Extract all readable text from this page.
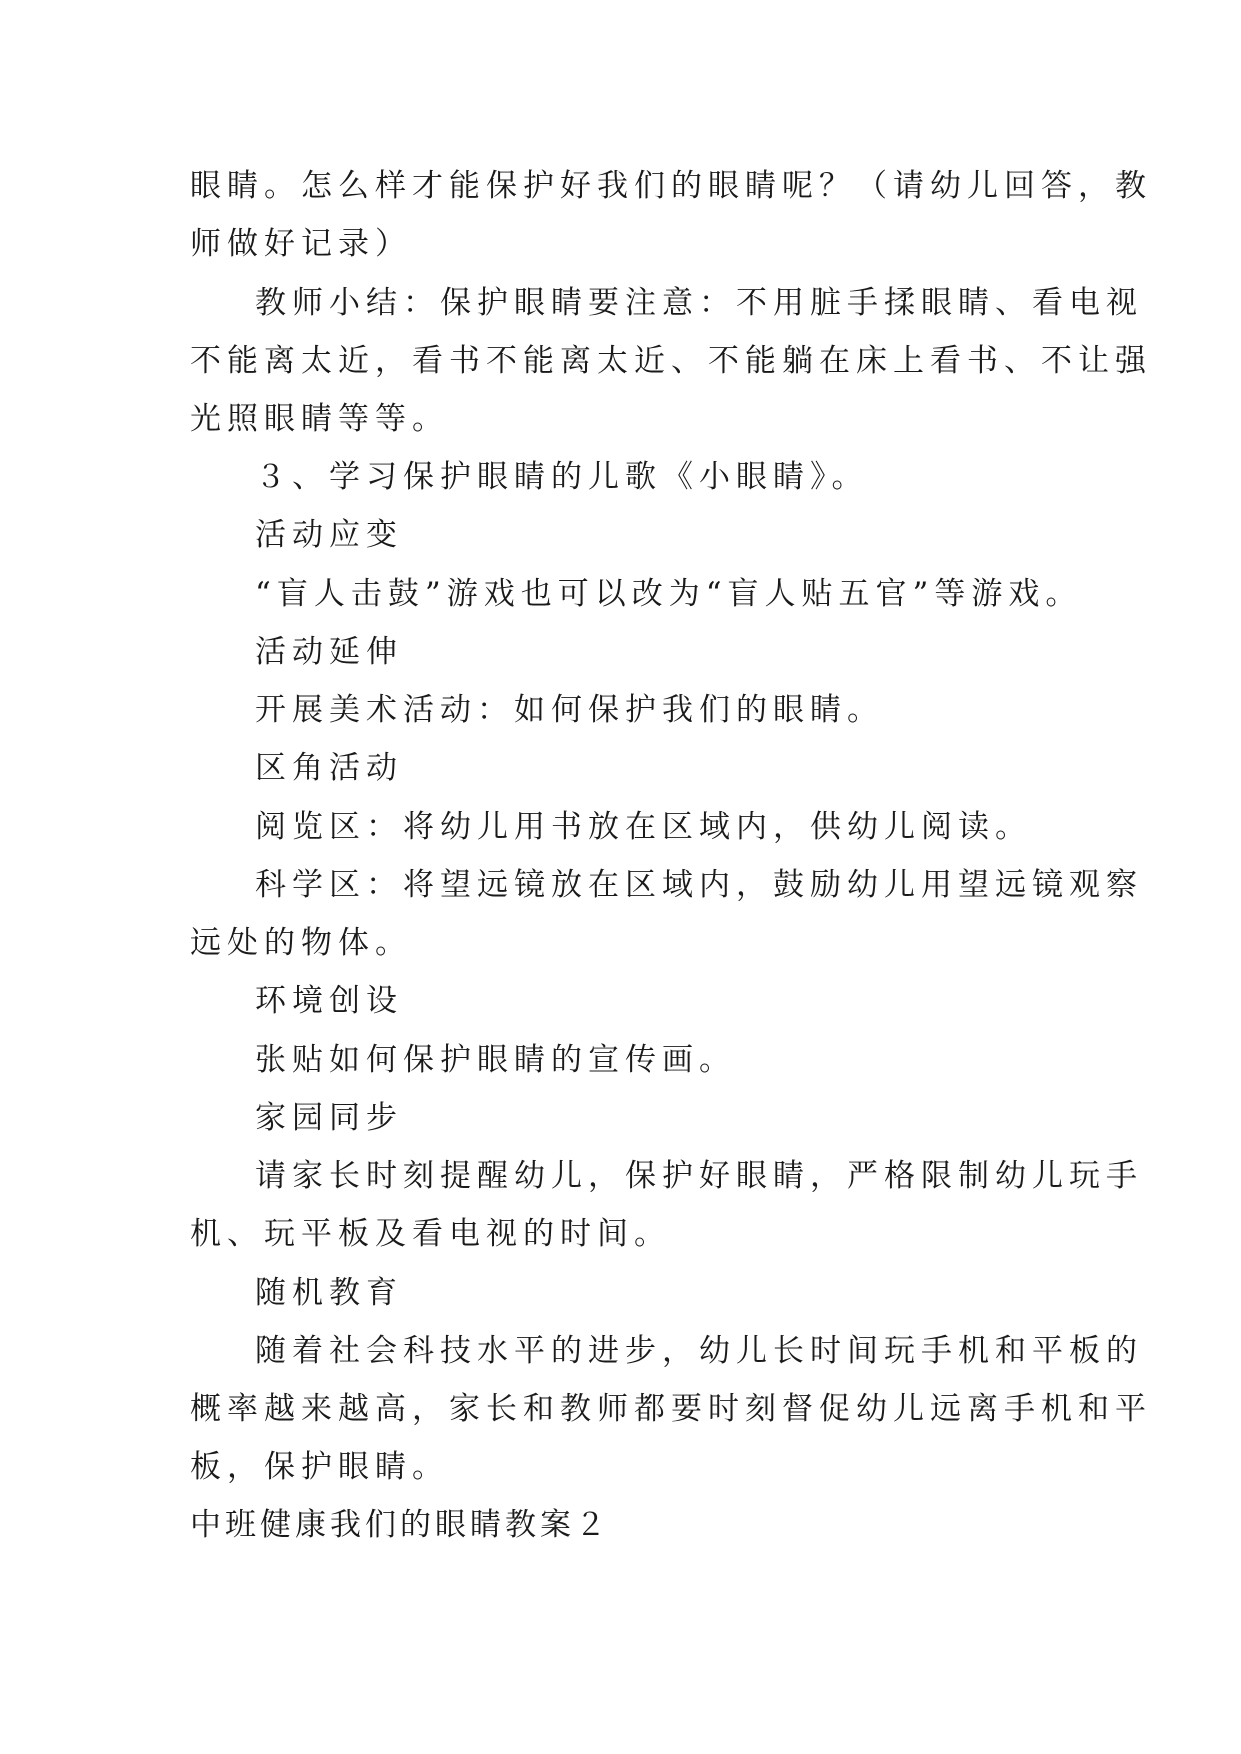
眼睛。怎么样才能保护好我们的眼睛呢？（请幼儿回答，教
师做好记录）
教师小结：保护眼睛要注意：不用脏手揉眼睛、看电视
不能离太近，看书不能离太近、不能躺在床上看书、不让强
光照眼睛等等。
３、学习保护眼睛的儿歌《小眼睛》。
活动应变
“盲人击鼓”游戏也可以改为“盲人贴五官”等游戏。
活动延伸
开展美术活动：如何保护我们的眼睛。
区角活动
阅览区：将幼儿用书放在区域内，供幼儿阅读。
科学区：将望远镜放在区域内，鼓励幼儿用望远镜观察
远处的物体。
环境创设
张贴如何保护眼睛的宣传画。
家园同步
请家长时刻提醒幼儿，保护好眼睛，严格限制幼儿玩手
机、玩平板及看电视的时间。
随机教育
随着社会科技水平的进步，幼儿长时间玩手机和平板的
概率越来越高，家长和教师都要时刻督促幼儿远离手机和平
板，保护眼睛。
中班健康我们的眼睛教案２
